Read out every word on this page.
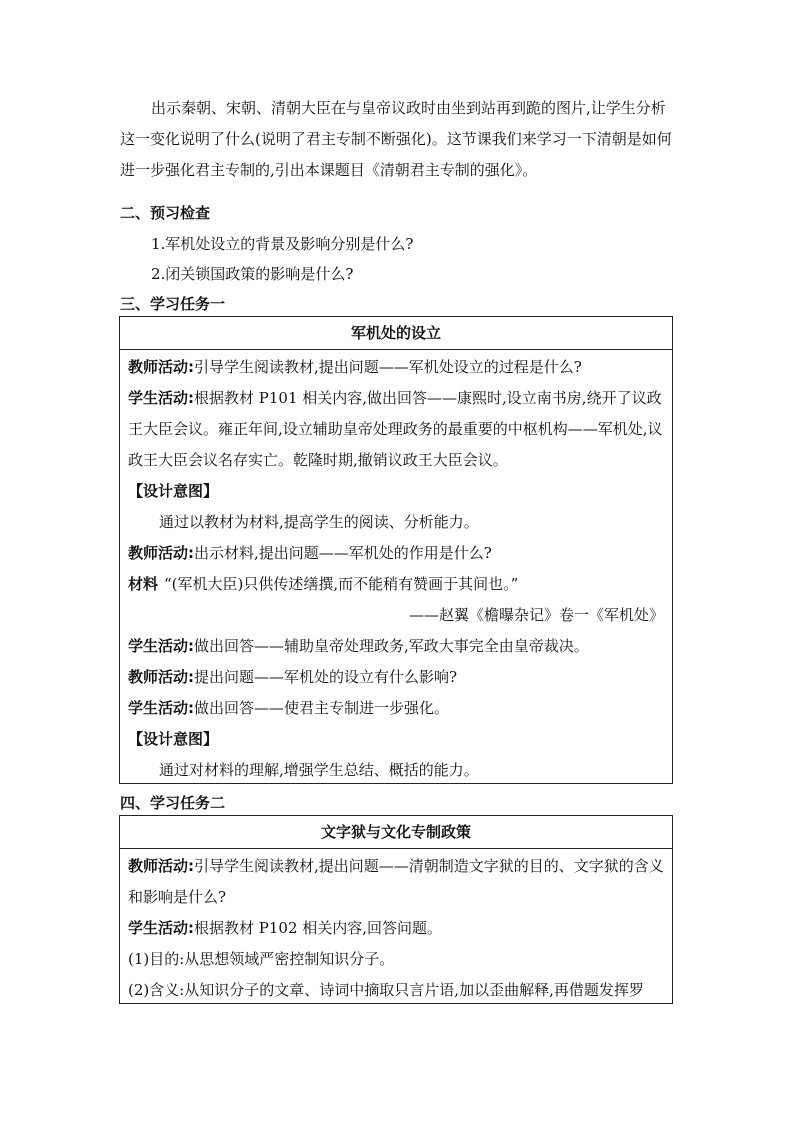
出示秦朝、宋朝、清朝大臣在与皇帝议政时由坐到站再到跪的图片,让学生分析这一变化说明了什么(说明了君主专制不断强化)。这节课我们来学习一下清朝是如何进一步强化君主专制的,引出本课题目《清朝君主专制的强化》。
二、预习检查
1.军机处设立的背景及影响分别是什么?
2.闭关锁国政策的影响是什么?
三、学习任务一
军机处的设立

教师活动:引导学生阅读教材,提出问题——军机处设立的过程是什么?

学生活动:根据教材 P101 相关内容,做出回答——康熙时,设立南书房,绕开了议政王大臣会议。雍正年间,设立辅助皇帝处理政务的最重要的中枢机构——军机处,议政王大臣会议名存实亡。乾隆时期,撤销议政王大臣会议。

【设计意图】

通过以教材为材料,提高学生的阅读、分析能力。

教师活动:出示材料,提出问题——军机处的作用是什么?

材料 “(军机大臣)只供传述缮撰,而不能稍有赞画于其间也。”

——赵翼《檐曝杂记》卷一《军机处》

学生活动:做出回答——辅助皇帝处理政务,军政大事完全由皇帝裁决。

教师活动:提出问题——军机处的设立有什么影响?

学生活动:做出回答——使君主专制进一步强化。

【设计意图】

通过对材料的理解,增强学生总结、概括的能力。

四、学习任务二
文字狱与文化专制政策

教师活动:引导学生阅读教材,提出问题——清朝制造文字狱的目的、文字狱的含义和影响是什么?

学生活动:根据教材 P102 相关内容,回答问题。

(1)目的:从思想领域严密控制知识分子。

(2)含义:从知识分子的文章、诗词中摘取只言片语,加以歪曲解释,再借题发挥罗
